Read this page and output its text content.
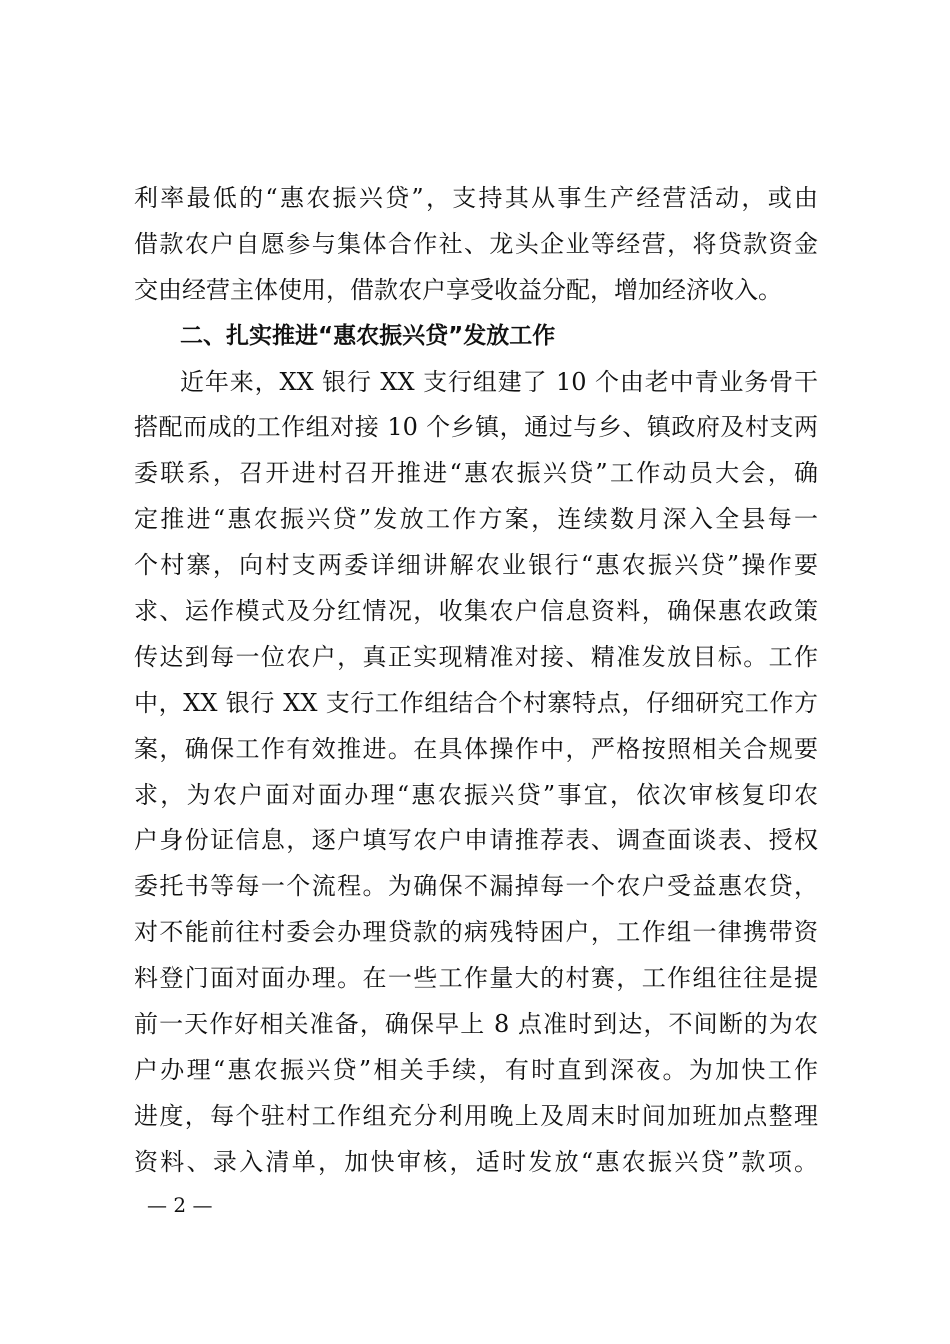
利率最低的“惠农振兴贷”，支持其从事生产经营活动，或由
借款农户自愿参与集体合作社、龙头企业等经营，将贷款资金
交由经营主体使用，借款农户享受收益分配，增加经济收入。
二、扎实推进“惠农振兴贷”发放工作
近年来，XX 银行 XX 支行组建了 10 个由老中青业务骨干
搭配而成的工作组对接 10 个乡镇，通过与乡、镇政府及村支两
委联系，召开进村召开推进“惠农振兴贷”工作动员大会，确
定推进“惠农振兴贷”发放工作方案，连续数月深入全县每一
个村寨，向村支两委详细讲解农业银行“惠农振兴贷”操作要
求、运作模式及分红情况，收集农户信息资料，确保惠农政策
传达到每一位农户，真正实现精准对接、精准发放目标。工作
中，XX 银行 XX 支行工作组结合个村寨特点，仔细研究工作方
案，确保工作有效推进。在具体操作中，严格按照相关合规要
求，为农户面对面办理“惠农振兴贷”事宜，依次审核复印农
户身份证信息，逐户填写农户申请推荐表、调查面谈表、授权
委托书等每一个流程。为确保不漏掉每一个农户受益惠农贷，
对不能前往村委会办理贷款的病残特困户，工作组一律携带资
料登门面对面办理。在一些工作量大的村赛，工作组往往是提
前一天作好相关准备，确保早上 8 点准时到达，不间断的为农
户办理“惠农振兴贷”相关手续，有时直到深夜。为加快工作
进度，每个驻村工作组充分利用晚上及周末时间加班加点整理
资料、录入清单，加快审核，适时发放“惠农振兴贷”款项。
— 2 —
